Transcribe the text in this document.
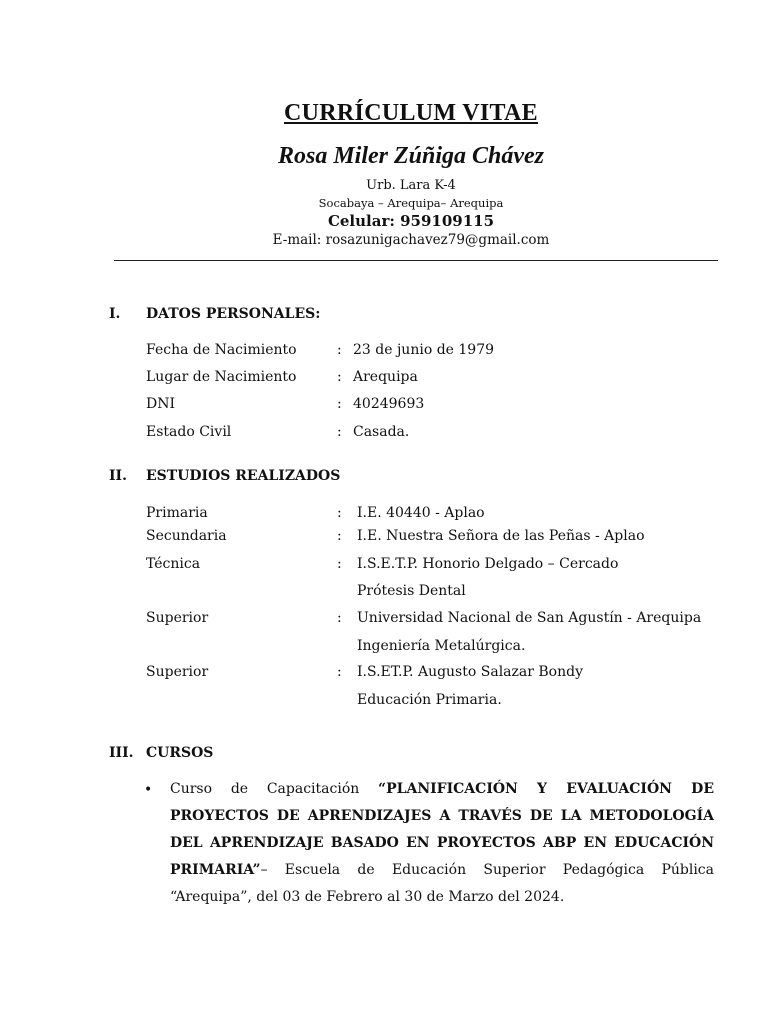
CURRÍCULUM VITAE
Rosa Miler Zúñiga Chávez
Urb. Lara K-4
Socabaya – Arequipa– Arequipa
Celular: 959109115
E-mail: rosazunigachavez79@gmail.com
I. DATOS PERSONALES:
Fecha de Nacimiento	: 23 de junio de 1979
Lugar de Nacimiento	: Arequipa
DNI	: 40249693
Estado Civil	: Casada.
II. ESTUDIOS REALIZADOS
Primaria	: I.E. 40440 - Aplao
Secundaria	: I.E. Nuestra Señora de las Peñas - Aplao
Técnica	: I.S.E.T.P. Honorio Delgado – Cercado
Prótesis Dental
Superior	: Universidad Nacional de San Agustín - Arequipa
Ingeniería Metalúrgica.
Superior	: I.S.ET.P. Augusto Salazar Bondy
Educación Primaria.
III. CURSOS
• Curso de Capacitación “PLANIFICACIÓN Y EVALUACIÓN DE PROYECTOS DE APRENDIZAJES A TRAVÉS DE LA METODOLOGÍA DEL APRENDIZAJE BASADO EN PROYECTOS ABP EN EDUCACIÓN PRIMARIA”– Escuela de Educación Superior Pedagógica Pública “Arequipa”, del 03 de Febrero al 30 de Marzo del 2024.
